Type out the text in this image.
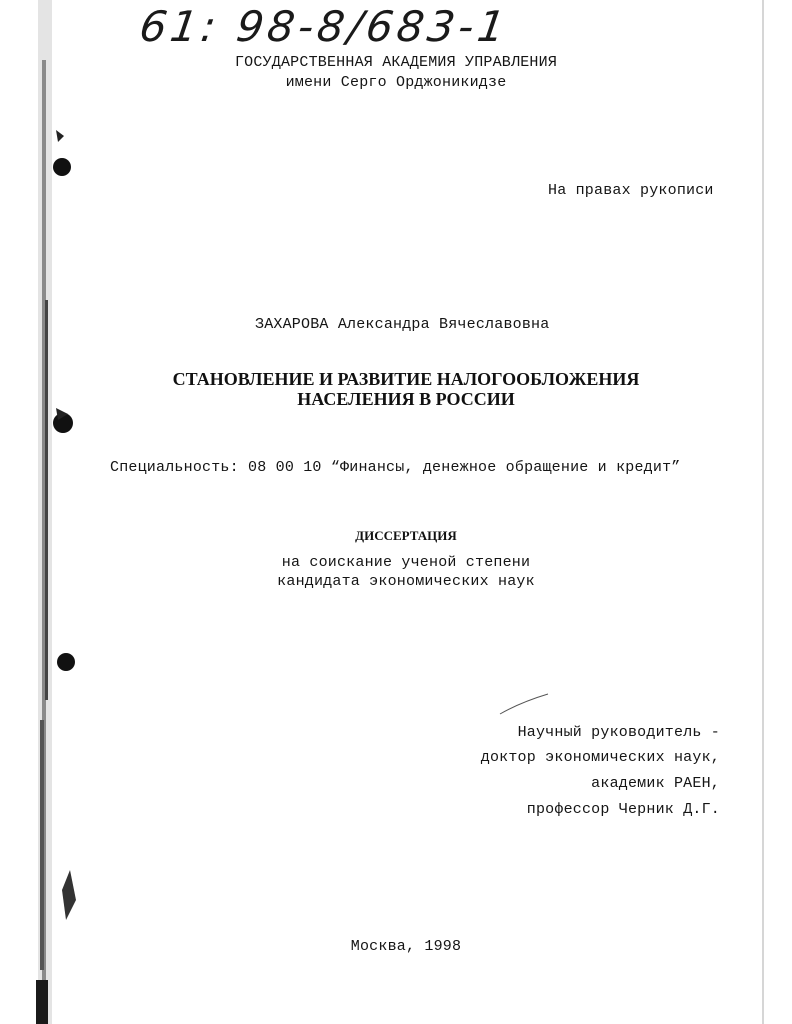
61: 98-8/683-1
ГОСУДАРСТВЕННАЯ АКАДЕМИЯ УПРАВЛЕНИЯ
имени Серго Орджоникидзе
На правах рукописи
ЗАХАРОВА Александра Вячеславовна
СТАНОВЛЕНИЕ И РАЗВИТИЕ НАЛОГООБЛОЖЕНИЯ
НАСЕЛЕНИЯ В РОССИИ
Специальность: 08 00 10 “Финансы, денежное обращение и кредит”
ДИССЕРТАЦИЯ
на соискание ученой степени
кандидата экономических наук
Научный руководитель -
доктор экономических наук,
академик РАЕН,
профессор Черник Д.Г.
Москва, 1998
